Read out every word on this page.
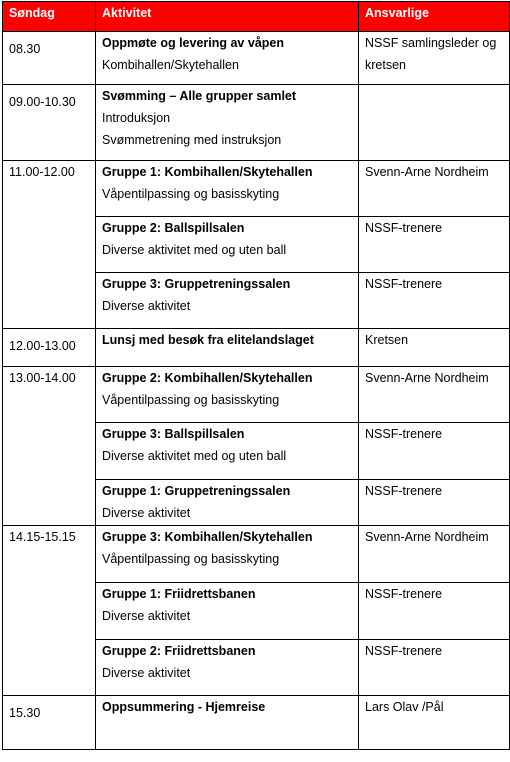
Søndag	Aktivitet	Ansvarlige
08.30	Oppmøte og levering av våpen
Kombihallen/Skytehallen	NSSF samlingsleder og kretsen
09.00-10.30	Svømming – Alle grupper samlet
Introduksjon
Svømmetrening med instruksjon	

11.00-12.00	Gruppe 1: Kombihallen/Skytehallen
Våpentilpassing og basisskyting	Svenn-Arne Nordheim

	Gruppe 2: Ballspillsalen
Diverse aktivitet med og uten ball	NSSF-trenere

	Gruppe 3: Gruppetreningssalen
Diverse aktivitet	NSSF-trenere
12.00-13.00	Lunsj med besøk fra elitelandslaget	Kretsen
13.00-14.00	Gruppe 2: Kombihallen/Skytehallen
Våpentilpassing og basisskyting	Svenn-Arne Nordheim

	Gruppe 3: Ballspillsalen
Diverse aktivitet med og uten ball	NSSF-trenere

	Gruppe 1: Gruppetreningssalen
Diverse aktivitet	NSSF-trenere
14.15-15.15	Gruppe 3: Kombihallen/Skytehallen
Våpentilpassing og basisskyting	Svenn-Arne Nordheim

	Gruppe 1: Friidrettsbanen
Diverse aktivitet	NSSF-trenere

	Gruppe 2: Friidrettsbanen
Diverse aktivitet	NSSF-trenere
15.30	Oppsummering - Hjemreise	Lars Olav /Pål
